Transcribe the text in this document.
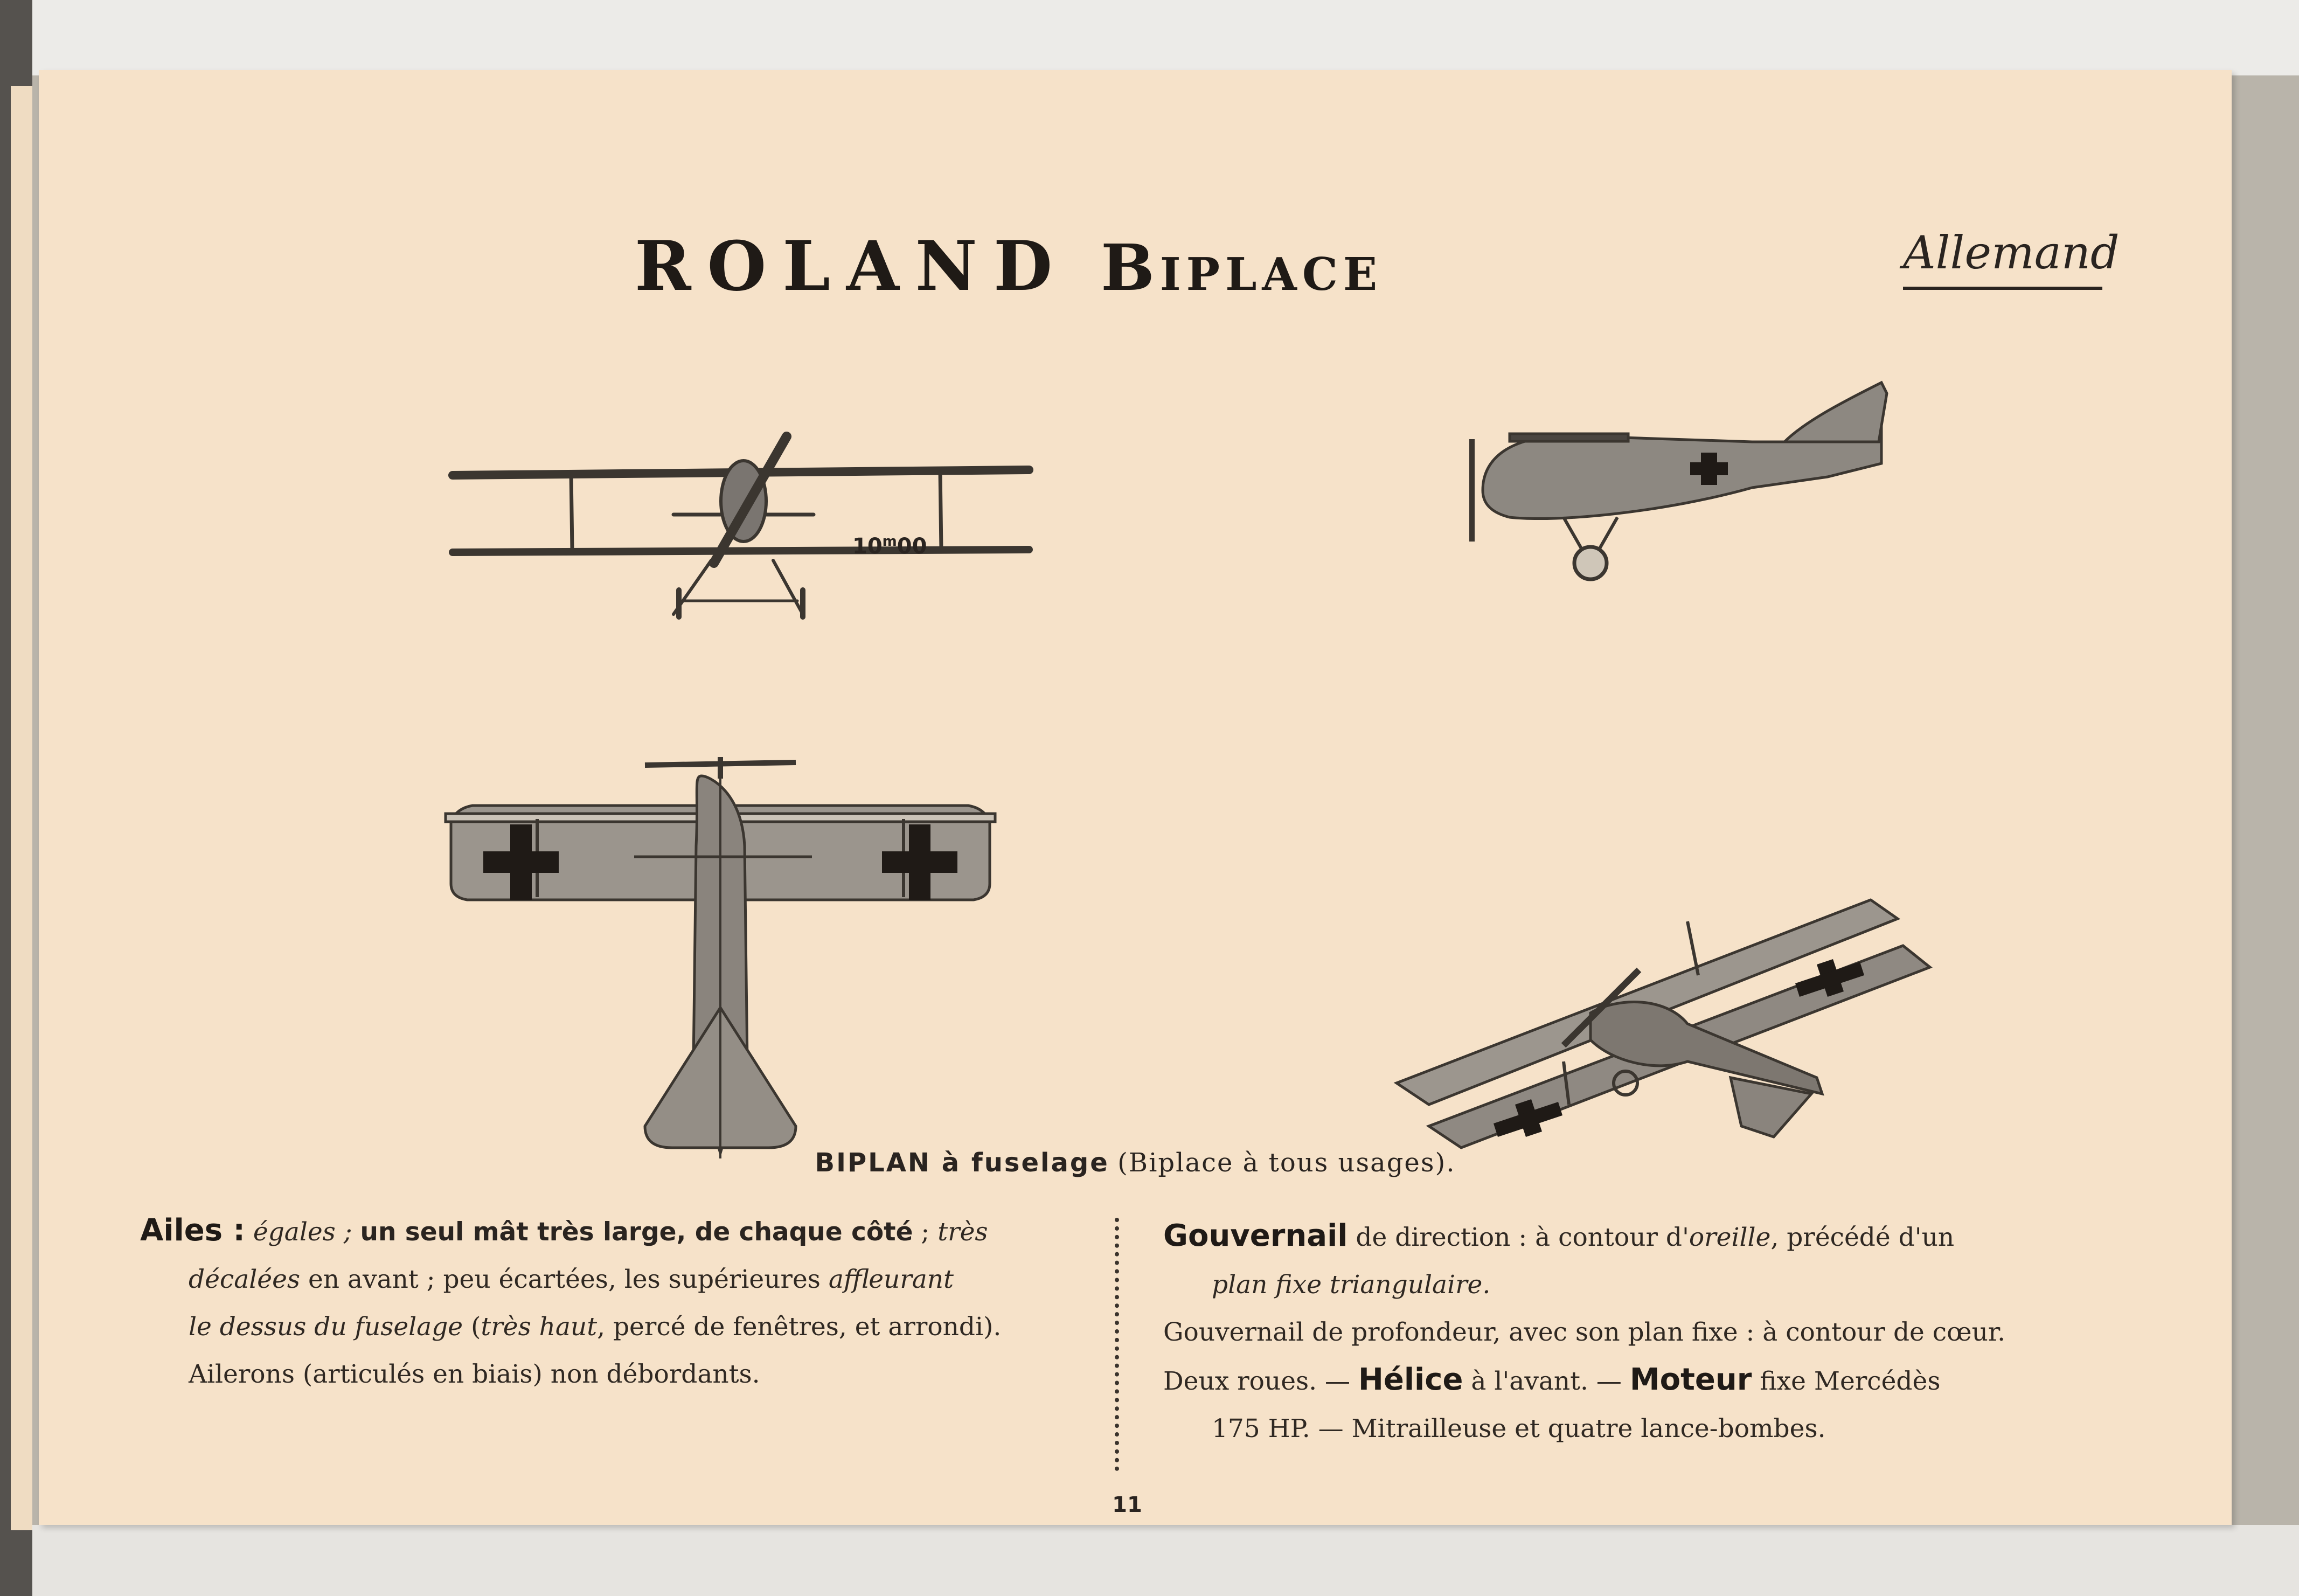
ROLAND Biplace	Allemand
10$^m$00
BIPLAN à fuselage (Biplace à tous usages).
Ailes : égales ; un seul mât très large, de chaque côté ; très
décalées en avant ; peu écartées, les supérieures affleurant
le dessus du fuselage (très haut, percé de fenêtres, et arrondi).
Ailerons (articulés en biais) non débordants.
Gouvernail de direction : à contour d'oreille, précédé d'un
plan fixe triangulaire.
Gouvernail de profondeur, avec son plan fixe : à contour de cœur.
Deux roues. — Hélice à l'avant. — Moteur fixe Mercédès
175 HP. — Mitrailleuse et quatre lance-bombes.
11
